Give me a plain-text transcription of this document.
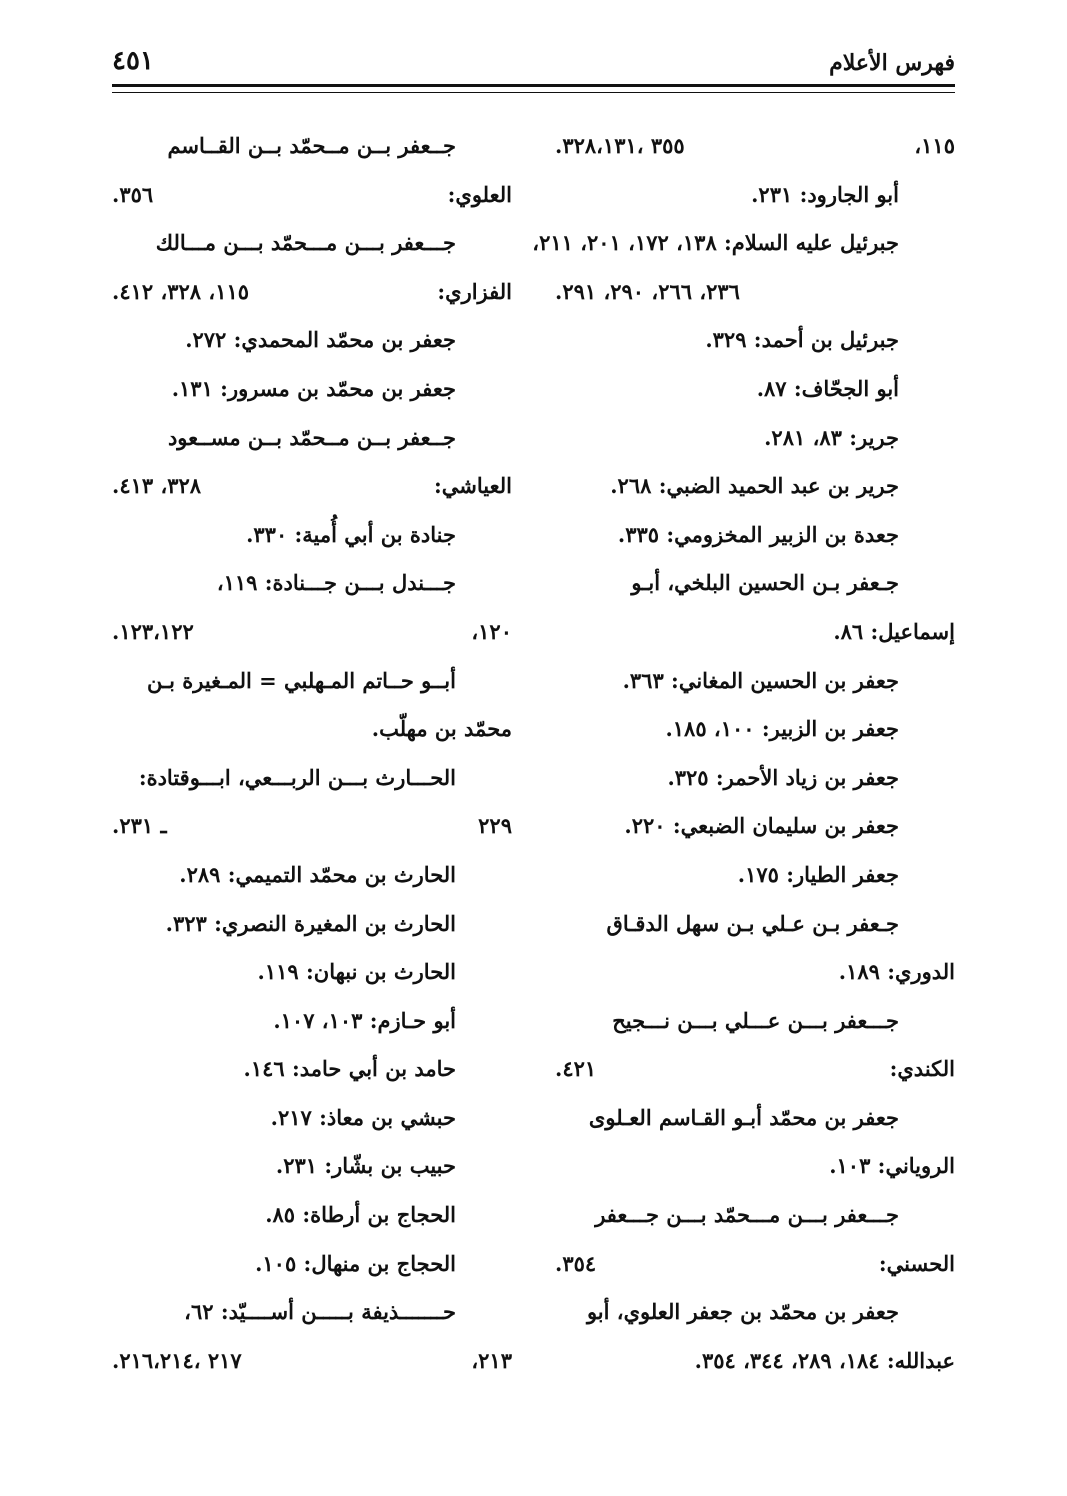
فهرس الأعلام
٤٥١
١١٥،
٣٥٥ ،٣٢٨،١٣١.
أبو الجارود: ٢٣١.
جبرئيل عليه السلام: ١٣٨، ١٧٢، ٢٠١، ٢١١،
٢٣٦، ٢٦٦، ٢٩٠، ٢٩١.
جبرئيل بن أحمد: ٣٢٩.
أبو الجحّاف: ٨٧.
جرير: ٨٣، ٢٨١.
جرير بن عبد الحميد الضبي: ٢٦٨.
جعدة بن الزبير المخزومي: ٣٣٥.
جـعفر بـن الحسين البلخي، أبـو
إسماعيل: ٨٦.
جعفر بن الحسين المغاني: ٣٦٣.
جعفر بن الزبير: ١٠٠، ١٨٥.
جعفر بن زياد الأحمر: ٣٢٥.
جعفر بن سليمان الضبعي: ٢٢٠.
جعفر الطيار: ١٧٥.
جـعفر بـن عـلي بـن سهل الدقـاق
الدوري: ١٨٩.
جـــعفر بـــن عـــلي بـــن نـــجيح
الكندي:
٤٢١.
جعفر بن محمّد أبـو القـاسم العـلوى
الروياني: ١٠٣.
جـــعفر بـــن مـــحمّد بـــن جـــعفر
الحسني:
٣٥٤.
جعفر بن محمّد بن جعفر العلوي، أبو
عبدالله: ١٨٤، ٢٨٩، ٣٤٤، ٣٥٤.
جــعفر بــن مــحمّد بــن القــاسم
العلوي:
٣٥٦.
جـــعفر بـــن مـــحمّد بـــن مـــالك
الفزاري:
١١٥، ٣٢٨، ٤١٢.
جعفر بن محمّد المحمدي: ٢٧٢.
جعفر بن محمّد بن مسرور: ١٣١.
جــعفر بــن مــحمّد بــن مســعود
العياشي:
٣٢٨، ٤١٣.
جنادة بن أبي أُمية: ٣٣٠.
جـــندل بـــن جـــنادة: ١١٩،
١٢٠،
١٢٣،١٢٢.
أبــو حــاتم المـهلبي = المـغيرة بـن
محمّد بن مهلّب.
الحـــارث بـــن الربـــعي، ابـــوقتادة:
٢٢٩
ـ ٢٣١.
الحارث بن محمّد التميمي: ٢٨٩.
الحارث بن المغيرة النصري: ٣٢٣.
الحارث بن نبهان: ١١٩.
أبو حـازم: ١٠٣، ١٠٧.
حامد بن أبي حامد: ١٤٦.
حبشي بن معاذ: ٢١٧.
حبيب بن بشّار: ٢٣١.
الحجاج بن أرطاة: ٨٥.
الحجاج بن منهال: ١٠٥.
حـــــــذيفة بـــــن أســــيّد: ٦٢،
٢١٣،
٢١٧ ،٢١٦،٢١٤.
